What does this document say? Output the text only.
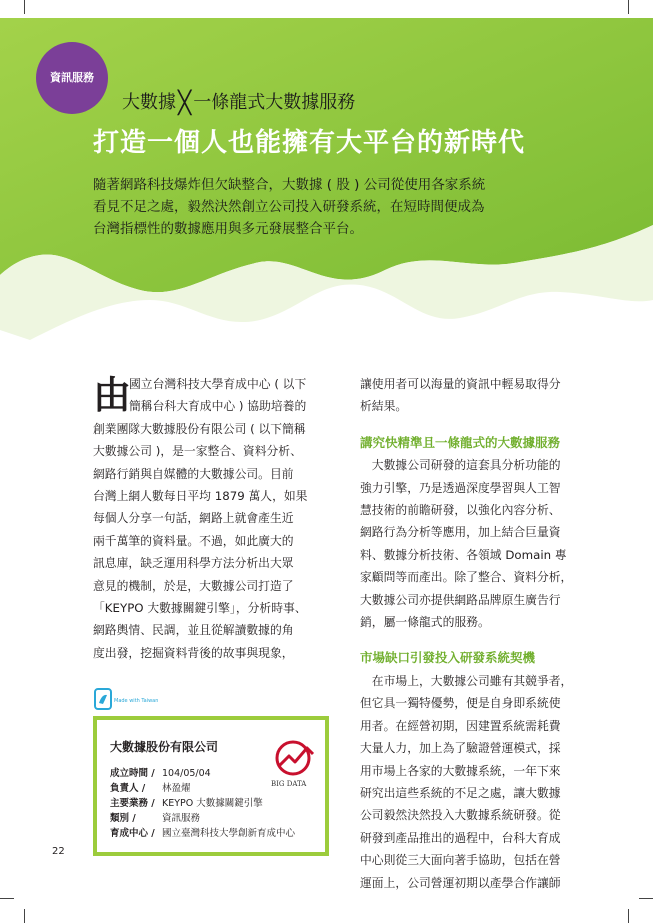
資訊服務
大數據╳ 一條龍式大數據服務
打造一個人也能擁有大平台的新時代

隨著網路科技爆炸但欠缺整合，大數據 ( 股 ) 公司從使用各家系統

看見不足之處，毅然決然創立公司投入研發系統，在短時間便成為

台灣指標性的數據應用與多元發展整合平台。

由

國立台灣科技大學育成中心 ( 以下

簡稱台科大育成中心 ) 協助培養的

創業團隊大數據股份有限公司 ( 以下簡稱

大數據公司 )，是一家整合、資料分析、

網路行銷與自媒體的大數據公司。目前

台灣上網人數每日平均 1879 萬人，如果

每個人分享一句話，網路上就會產生近

兩千萬筆的資料量。不過，如此廣大的

訊息庫，缺乏運用科學方法分析出大眾

意見的機制，於是，大數據公司打造了

「KEYPO 大數據關鍵引擎」，分析時事、

網路輿情、民調，並且從解讀數據的角

度出發，挖掘資料背後的故事與現象，

讓使用者可以海量的資訊中輕易取得分

析結果。

講究快精準且一條龍式的大數據服務

　大數據公司研發的這套具分析功能的

強力引擎，乃是透過深度學習與人工智

慧技術的前瞻研發，以強化內容分析、

網路行為分析等應用，加上結合巨量資

料、數據分析技術、各領域 Domain 專

家顧問等而產出。除了整合、資料分析，

大數據公司亦提供網路品牌原生廣告行

銷，屬一條龍式的服務。

市場缺口引發投入研發系統契機

　在市場上，大數據公司雖有其競爭者，

但它具一獨特優勢，便是自身即系統使

用者。在經營初期，因建置系統需耗費

大量人力，加上為了驗證營運模式，採

用市場上各家的大數據系統，一年下來

研究出這些系統的不足之處，讓大數據

公司毅然決然投入大數據系統研發。從

研發到產品推出的過程中，台科大育成

中心則從三大面向著手協助，包括在營

運面上，公司營運初期以產學合作讓師

Made with Taiwan
大數據股份有限公司
BIG DATA
成立時間 / 104/05/04
負責人 / 林盈燿
主要業務 / KEYPO 大數據關鍵引擎
類別 /	資訊服務
育成中心 / 國立臺灣科技大學創新育成中心
22
